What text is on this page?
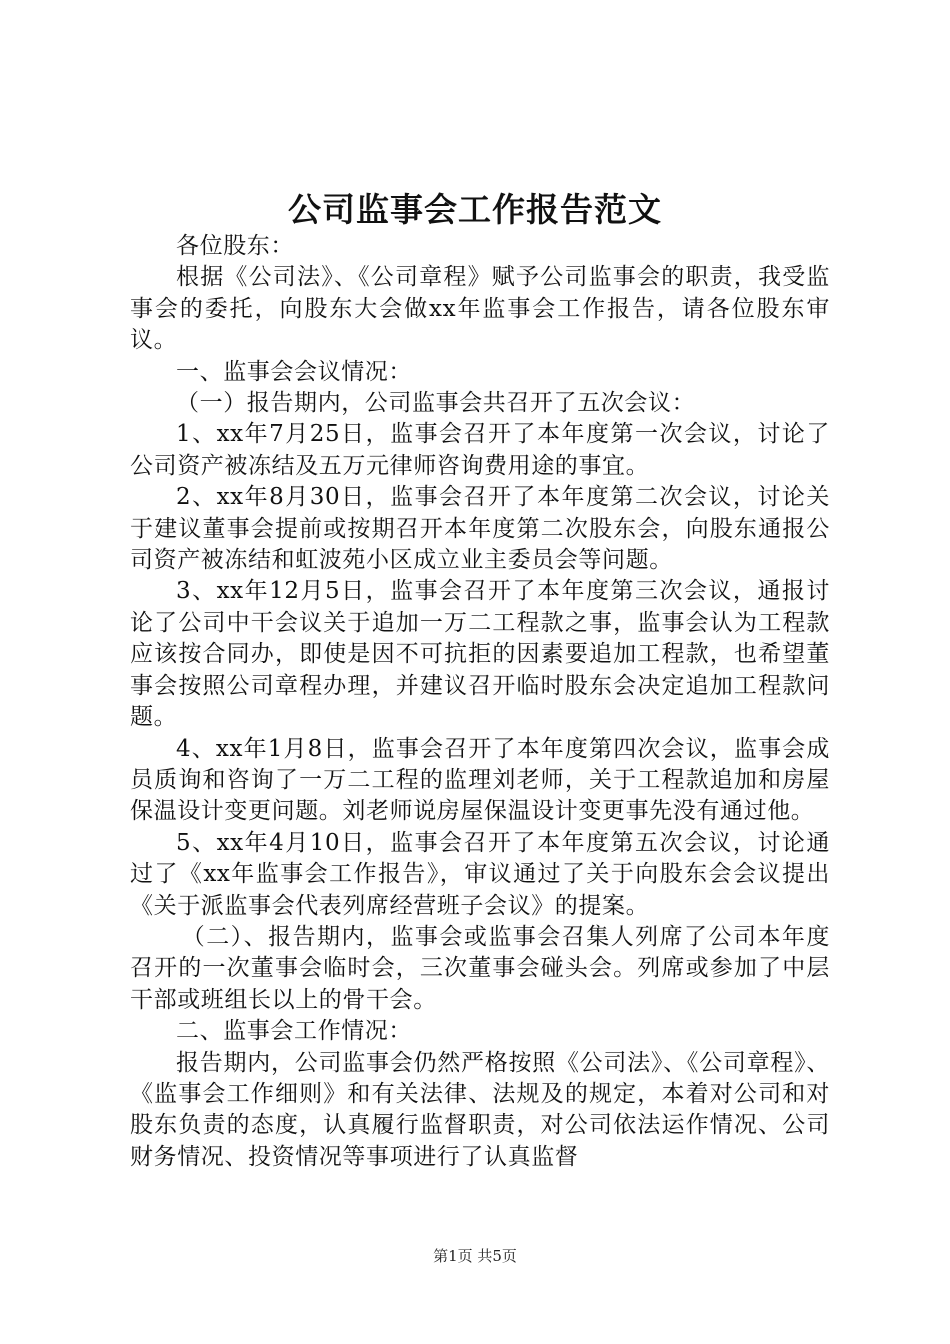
公司监事会工作报告范文

各位股东：

根据《公司法》、《公司章程》赋予公司监事会的职责，我受监事会的委托，向股东大会做xx年监事会工作报告，请各位股东审议。

一、监事会会议情况：

（一）报告期内，公司监事会共召开了五次会议：

1、xx年7月25日，监事会召开了本年度第一次会议，讨论了公司资产被冻结及五万元律师咨询费用途的事宜。

2、xx年8月30日，监事会召开了本年度第二次会议，讨论关于建议董事会提前或按期召开本年度第二次股东会，向股东通报公司资产被冻结和虹波苑小区成立业主委员会等问题。

3、xx年12月5日，监事会召开了本年度第三次会议，通报讨论了公司中干会议关于追加一万二工程款之事，监事会认为工程款应该按合同办，即使是因不可抗拒的因素要追加工程款，也希望董事会按照公司章程办理，并建议召开临时股东会决定追加工程款问题。

4、xx年1月8日，监事会召开了本年度第四次会议，监事会成员质询和咨询了一万二工程的监理刘老师，关于工程款追加和房屋保温设计变更问题。刘老师说房屋保温设计变更事先没有通过他。

5、xx年4月10日，监事会召开了本年度第五次会议，讨论通过了《xx年监事会工作报告》，审议通过了关于向股东会会议提出《关于派监事会代表列席经营班子会议》的提案。

（二）、报告期内，监事会或监事会召集人列席了公司本年度召开的一次董事会临时会，三次董事会碰头会。列席或参加了中层干部或班组长以上的骨干会。

二、监事会工作情况：

报告期内，公司监事会仍然严格按照《公司法》、《公司章程》、《监事会工作细则》和有关法律、法规及的规定，本着对公司和对股东负责的态度，认真履行监督职责，对公司依法运作情况、公司财务情况、投资情况等事项进行了认真监督

第1页 共5页
